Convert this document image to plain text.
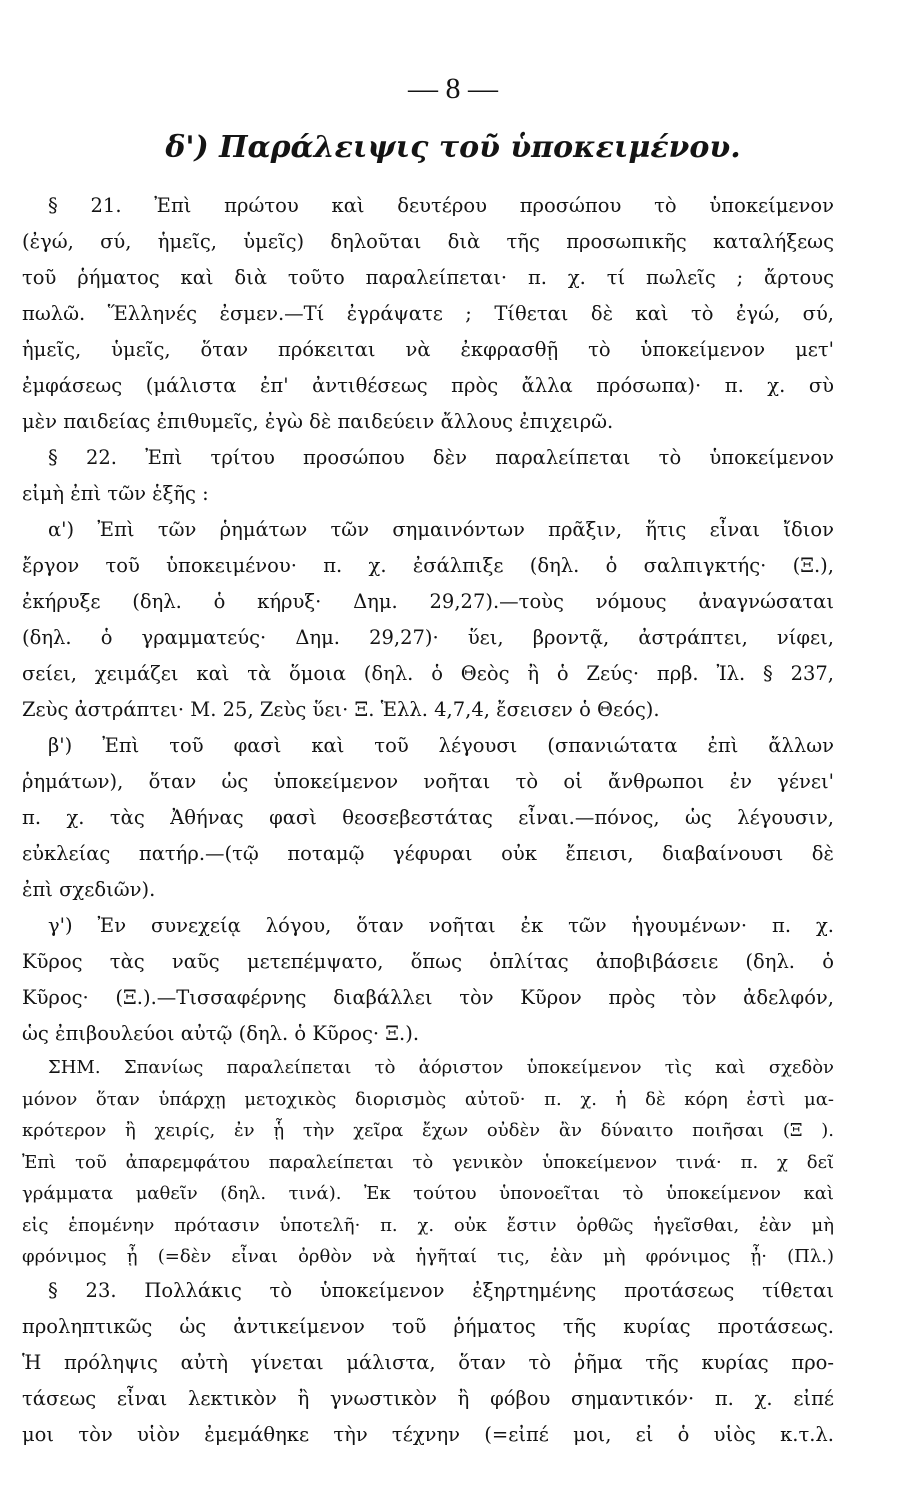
— 8 —
δ') Παράλειψις τοῦ ὑποκειμένου.
§ 21. Ἐπὶ πρώτου καὶ δευτέρου προσώπου τὸ ὑποκείμενον
(ἐγώ, σύ, ἡμεῖς, ὑμεῖς) δηλοῦται διὰ τῆς προσωπικῆς καταλήξεως
τοῦ ῥήματος καὶ διὰ τοῦτο παραλείπεται· π. χ. τί πωλεῖς ; ἄρτους
πωλῶ. Ἕλληνές ἐσμεν.—Τί ἐγράψατε ; Τίθεται δὲ καὶ τὸ ἐγώ, σύ,
ἡμεῖς, ὑμεῖς, ὅταν πρόκειται νὰ ἐκφρασθῇ τὸ ὑποκείμενον μετ'
ἐμφάσεως (μάλιστα ἐπ' ἀντιθέσεως πρὸς ἄλλα πρόσωπα)· π. χ. σὺ
μὲν παιδείας ἐπιθυμεῖς, ἐγὼ δὲ παιδεύειν ἄλλους ἐπιχειρῶ.
§ 22. Ἐπὶ τρίτου προσώπου δὲν παραλείπεται τὸ ὑποκείμενον
εἰμὴ ἐπὶ τῶν ἑξῆς :
α') Ἐπὶ τῶν ῥημάτων τῶν σημαινόντων πρᾶξιν, ἥτις εἶναι ἴδιον
ἔργον τοῦ ὑποκειμένου· π. χ. ἐσάλπιξε (δηλ. ὁ σαλπιγκτής· (Ξ.),
ἐκήρυξε (δηλ. ὁ κήρυξ· Δημ. 29,27).—τοὺς νόμους ἀναγνώσαται
(δηλ. ὁ γραμματεύς· Δημ. 29,27)· ὕει, βροντᾷ, ἀστράπτει, νίφει,
σείει, χειμάζει καὶ τὰ ὅμοια (δηλ. ὁ Θεὸς ἢ ὁ Ζεύς· πρβ. Ἰλ. § 237,
Ζεὺς ἀστράπτει· Μ. 25, Ζεὺς ὕει· Ξ. Ἑλλ. 4,7,4, ἔσεισεν ὁ Θεός).
β') Ἐπὶ τοῦ φασὶ καὶ τοῦ λέγουσι (σπανιώτατα ἐπὶ ἄλλων
ῥημάτων), ὅταν ὡς ὑποκείμενον νοῆται τὸ οἱ ἄνθρωποι ἐν γένει'
π. χ. τὰς Ἀθήνας φασὶ θεοσεβεστάτας εἶναι.—πόνος, ὡς λέγουσιν,
εὐκλείας πατήρ.—(τῷ ποταμῷ γέφυραι οὐκ ἔπεισι, διαβαίνουσι δὲ
ἐπὶ σχεδιῶν).
γ') Ἐν συνεχείᾳ λόγου, ὅταν νοῆται ἐκ τῶν ἡγουμένων· π. χ.
Κῦρος τὰς ναῦς μετεπέμψατο, ὅπως ὁπλίτας ἀποβιβάσειε (δηλ. ὁ
Κῦρος· (Ξ.).—Τισσαφέρνης διαβάλλει τὸν Κῦρον πρὸς τὸν ἀδελφόν,
ὡς ἐπιβουλεύοι αὐτῷ (δηλ. ὁ Κῦρος· Ξ.).
ΣΗΜ. Σπανίως παραλείπεται τὸ ἀόριστον ὑποκείμενον τὶς καὶ σχεδὸν
μόνον ὅταν ὑπάρχῃ μετοχικὸς διορισμὸς αὐτοῦ· π. χ. ἡ δὲ κόρη ἐστὶ μα-
κρότερον ἢ χειρίς, ἐν ᾗ τὴν χεῖρα ἔχων οὐδὲν ἂν δύναιτο ποιῆσαι (Ξ ).
Ἐπὶ τοῦ ἀπαρεμφάτου παραλείπεται τὸ γενικὸν ὑποκείμενον τινά· π. χ δεῖ
γράμματα μαθεῖν (δηλ. τινά). Ἐκ τούτου ὑπονοεῖται τὸ ὑποκείμενον καὶ
εἰς ἑπομένην πρότασιν ὑποτελῆ· π. χ. οὐκ ἔστιν ὀρθῶς ἡγεῖσθαι, ἐὰν μὴ
φρόνιμος ᾖ (=δὲν εἶναι ὀρθὸν νὰ ἡγῆταί τις, ἐὰν μὴ φρόνιμος ᾖ· (Πλ.)
§ 23. Πολλάκις τὸ ὑποκείμενον ἐξηρτημένης προτάσεως τίθεται
προληπτικῶς ὡς ἀντικείμενον τοῦ ῥήματος τῆς κυρίας προτάσεως.
Ἡ πρόληψις αὐτὴ γίνεται μάλιστα, ὅταν τὸ ῥῆμα τῆς κυρίας προ-
τάσεως εἶναι λεκτικὸν ἢ γνωστικὸν ἢ φόβου σημαντικόν· π. χ. εἰπέ
μοι τὸν υἱὸν ἐμεμάθηκε τὴν τέχνην (=εἰπέ μοι, εἰ ὁ υἱὸς κ.τ.λ.
